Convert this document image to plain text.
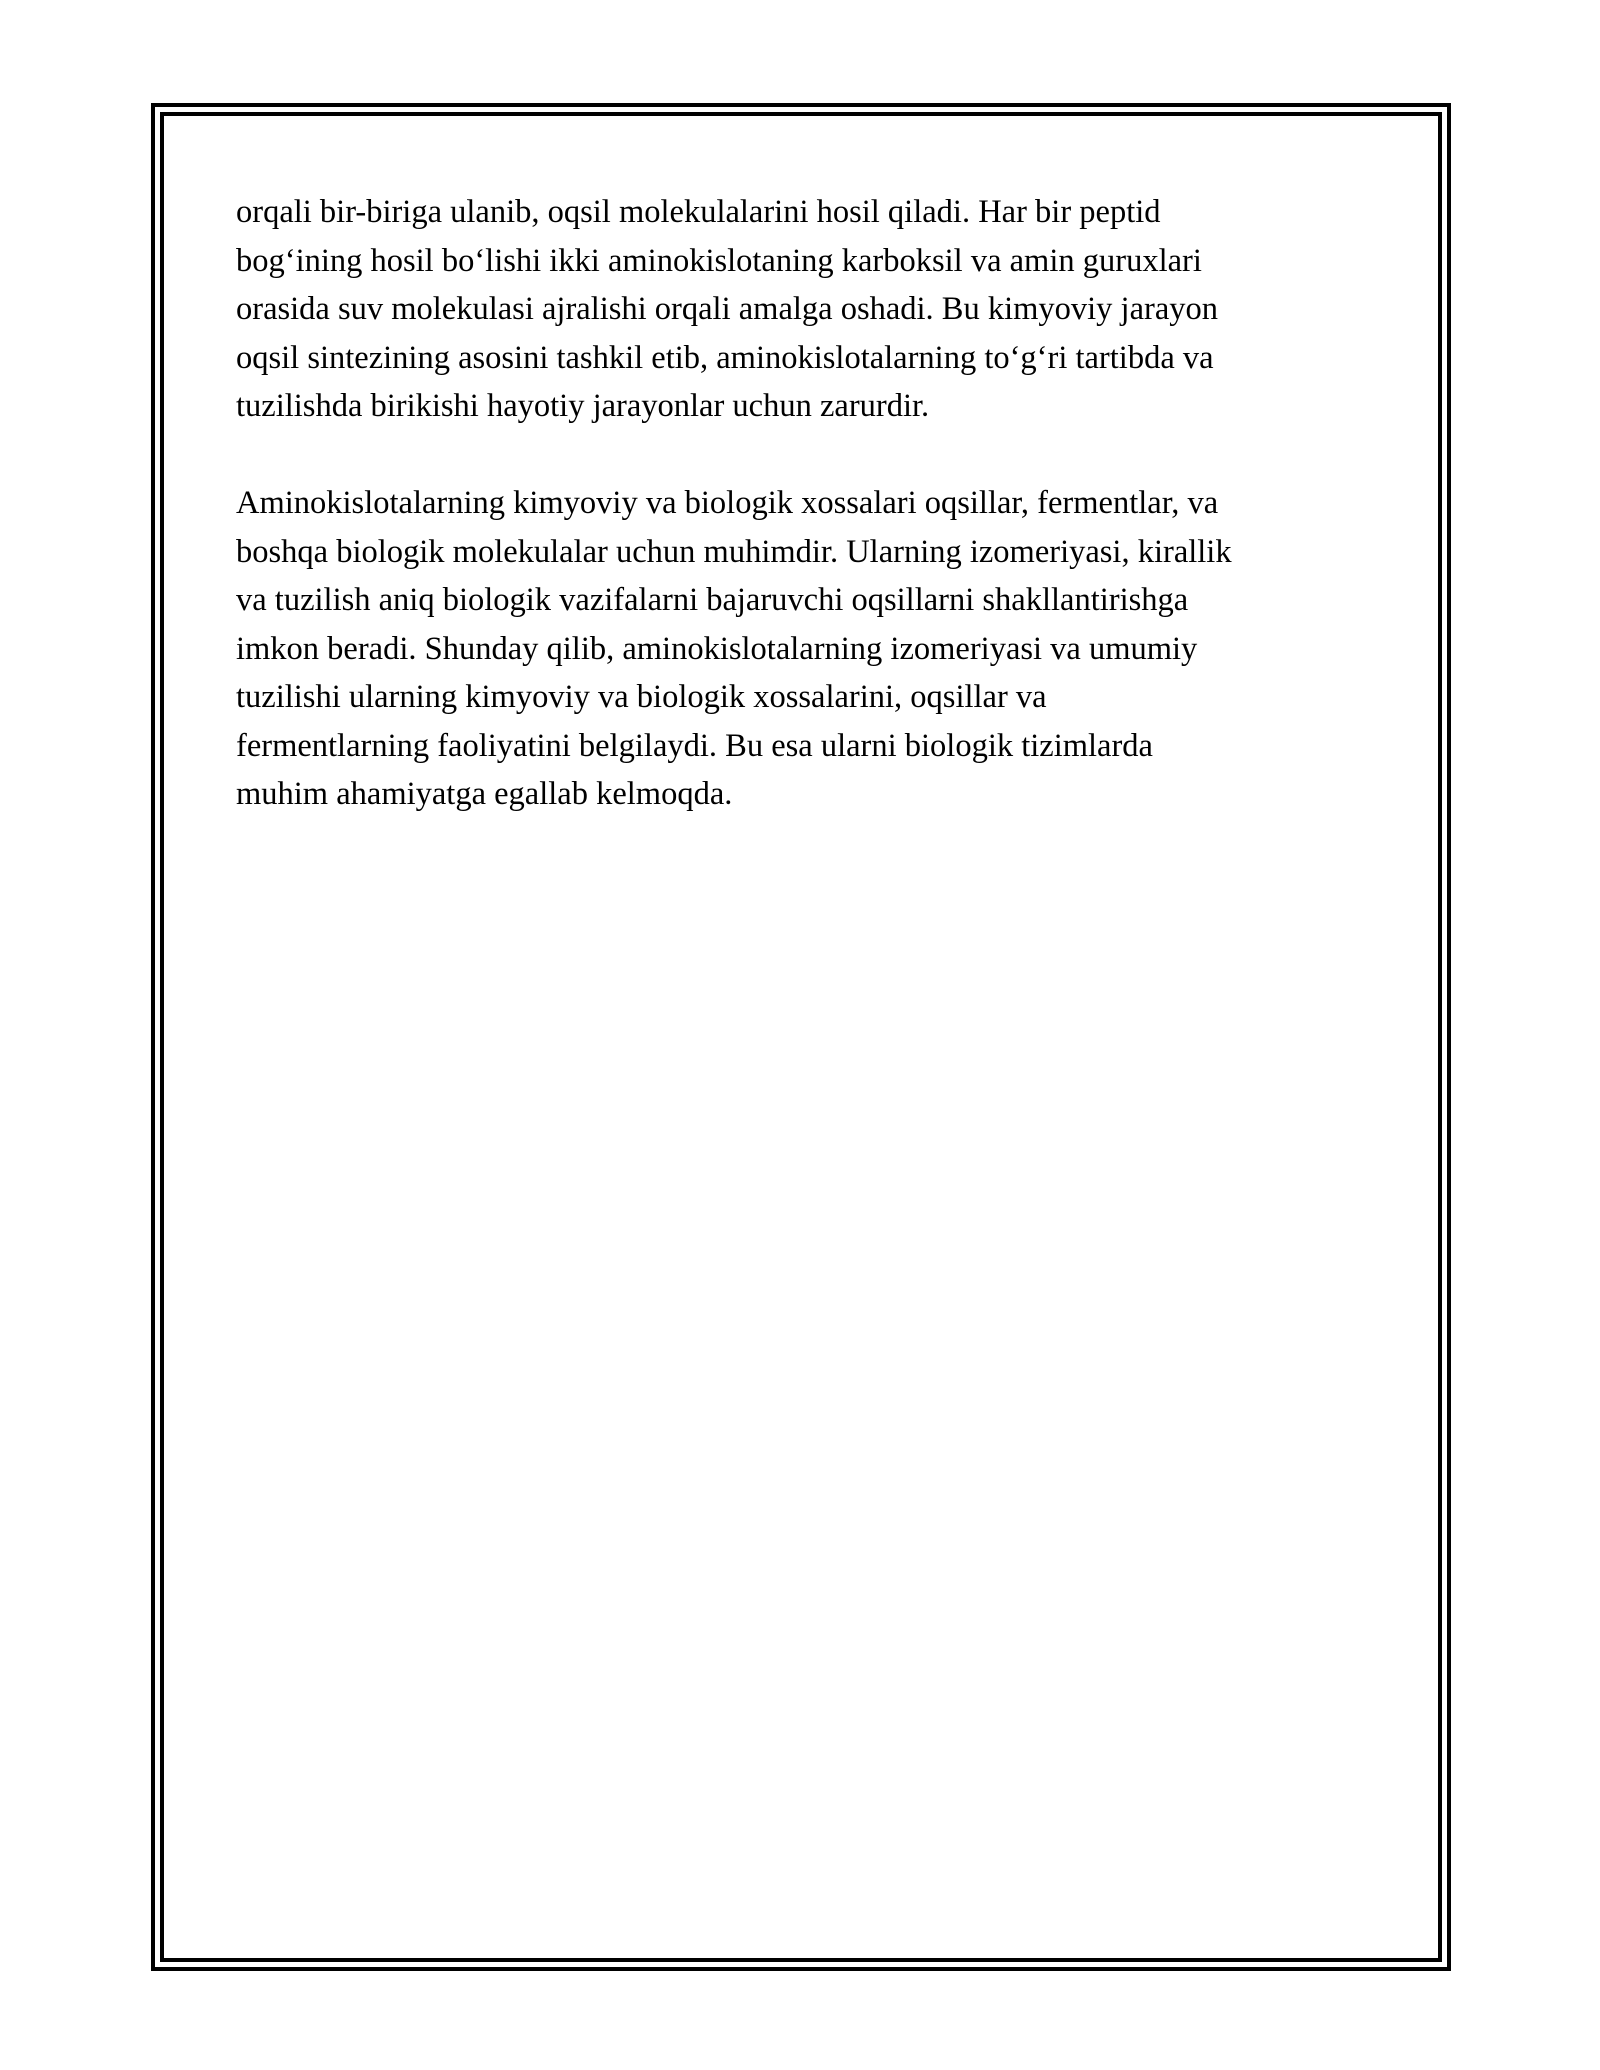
orqali bir-biriga ulanib, oqsil molekulalarini hosil qiladi. Har bir peptid
bog‘ining hosil bo‘lishi ikki aminokislotaning karboksil va amin guruxlari
orasida suv molekulasi ajralishi orqali amalga oshadi. Bu kimyoviy jarayon
oqsil sintezining asosini tashkil etib, aminokislotalarning to‘g‘ri tartibda va
tuzilishda birikishi hayotiy jarayonlar uchun zarurdir.

Aminokislotalarning kimyoviy va biologik xossalari oqsillar, fermentlar, va
boshqa biologik molekulalar uchun muhimdir. Ularning izomeriyasi, kirallik
va tuzilish aniq biologik vazifalarni bajaruvchi oqsillarni shakllantirishga
imkon beradi. Shunday qilib, aminokislotalarning izomeriyasi va umumiy
tuzilishi ularning kimyoviy va biologik xossalarini, oqsillar va
fermentlarning faoliyatini belgilaydi. Bu esa ularni biologik tizimlarda
muhim ahamiyatga egallab kelmoqda.
